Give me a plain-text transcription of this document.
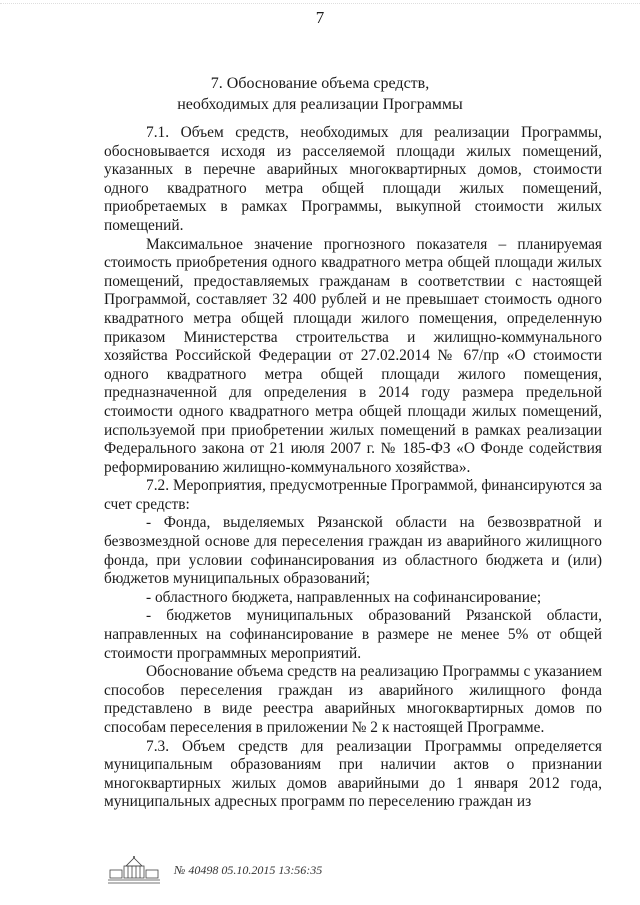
7
7. Обоснование объема средств,
необходимых для реализации Программы

7.1. Объем средств, необходимых для реализации Программы, обосновывается исходя из расселяемой площади жилых помещений, указанных в перечне аварийных многоквартирных домов, стоимости одного квадратного метра общей площади жилых помещений, приобретаемых в рамках Программы, выкупной стоимости жилых помещений.

Максимальное значение прогнозного показателя – планируемая стоимость приобретения одного квадратного метра общей площади жилых помещений, предоставляемых гражданам в соответствии с настоящей Программой, составляет 32 400 рублей и не превышает стоимость одного квадратного метра общей площади жилого помещения, определенную приказом Министерства строительства и жилищно-коммунального хозяйства Российской Федерации от 27.02.2014 № 67/пр «О стоимости одного квадратного метра общей площади жилого помещения, предназначенной для определения в 2014 году размера предельной стоимости одного квадратного метра общей площади жилых помещений, используемой при приобретении жилых помещений в рамках реализации Федерального закона от 21 июля 2007 г. № 185-ФЗ «О Фонде содействия реформированию жилищно-коммунального хозяйства».

7.2. Мероприятия, предусмотренные Программой, финансируются за счет средств:

- Фонда, выделяемых Рязанской области на безвозвратной и безвозмездной основе для переселения граждан из аварийного жилищного фонда, при условии софинансирования из областного бюджета и (или) бюджетов муниципальных образований;

- областного бюджета, направленных на софинансирование;

- бюджетов муниципальных образований Рязанской области, направленных на софинансирование в размере не менее 5% от общей стоимости программных мероприятий.

Обоснование объема средств на реализацию Программы с указанием способов переселения граждан из аварийного жилищного фонда представлено в виде реестра аварийных многоквартирных домов по способам переселения в приложении № 2 к настоящей Программе.

7.3. Объем средств для реализации Программы определяется муниципальным образованиям при наличии актов о признании многоквартирных жилых домов аварийными до 1 января 2012 года, муниципальных адресных программ по переселению граждан из

№ 40498 05.10.2015 13:56:35
